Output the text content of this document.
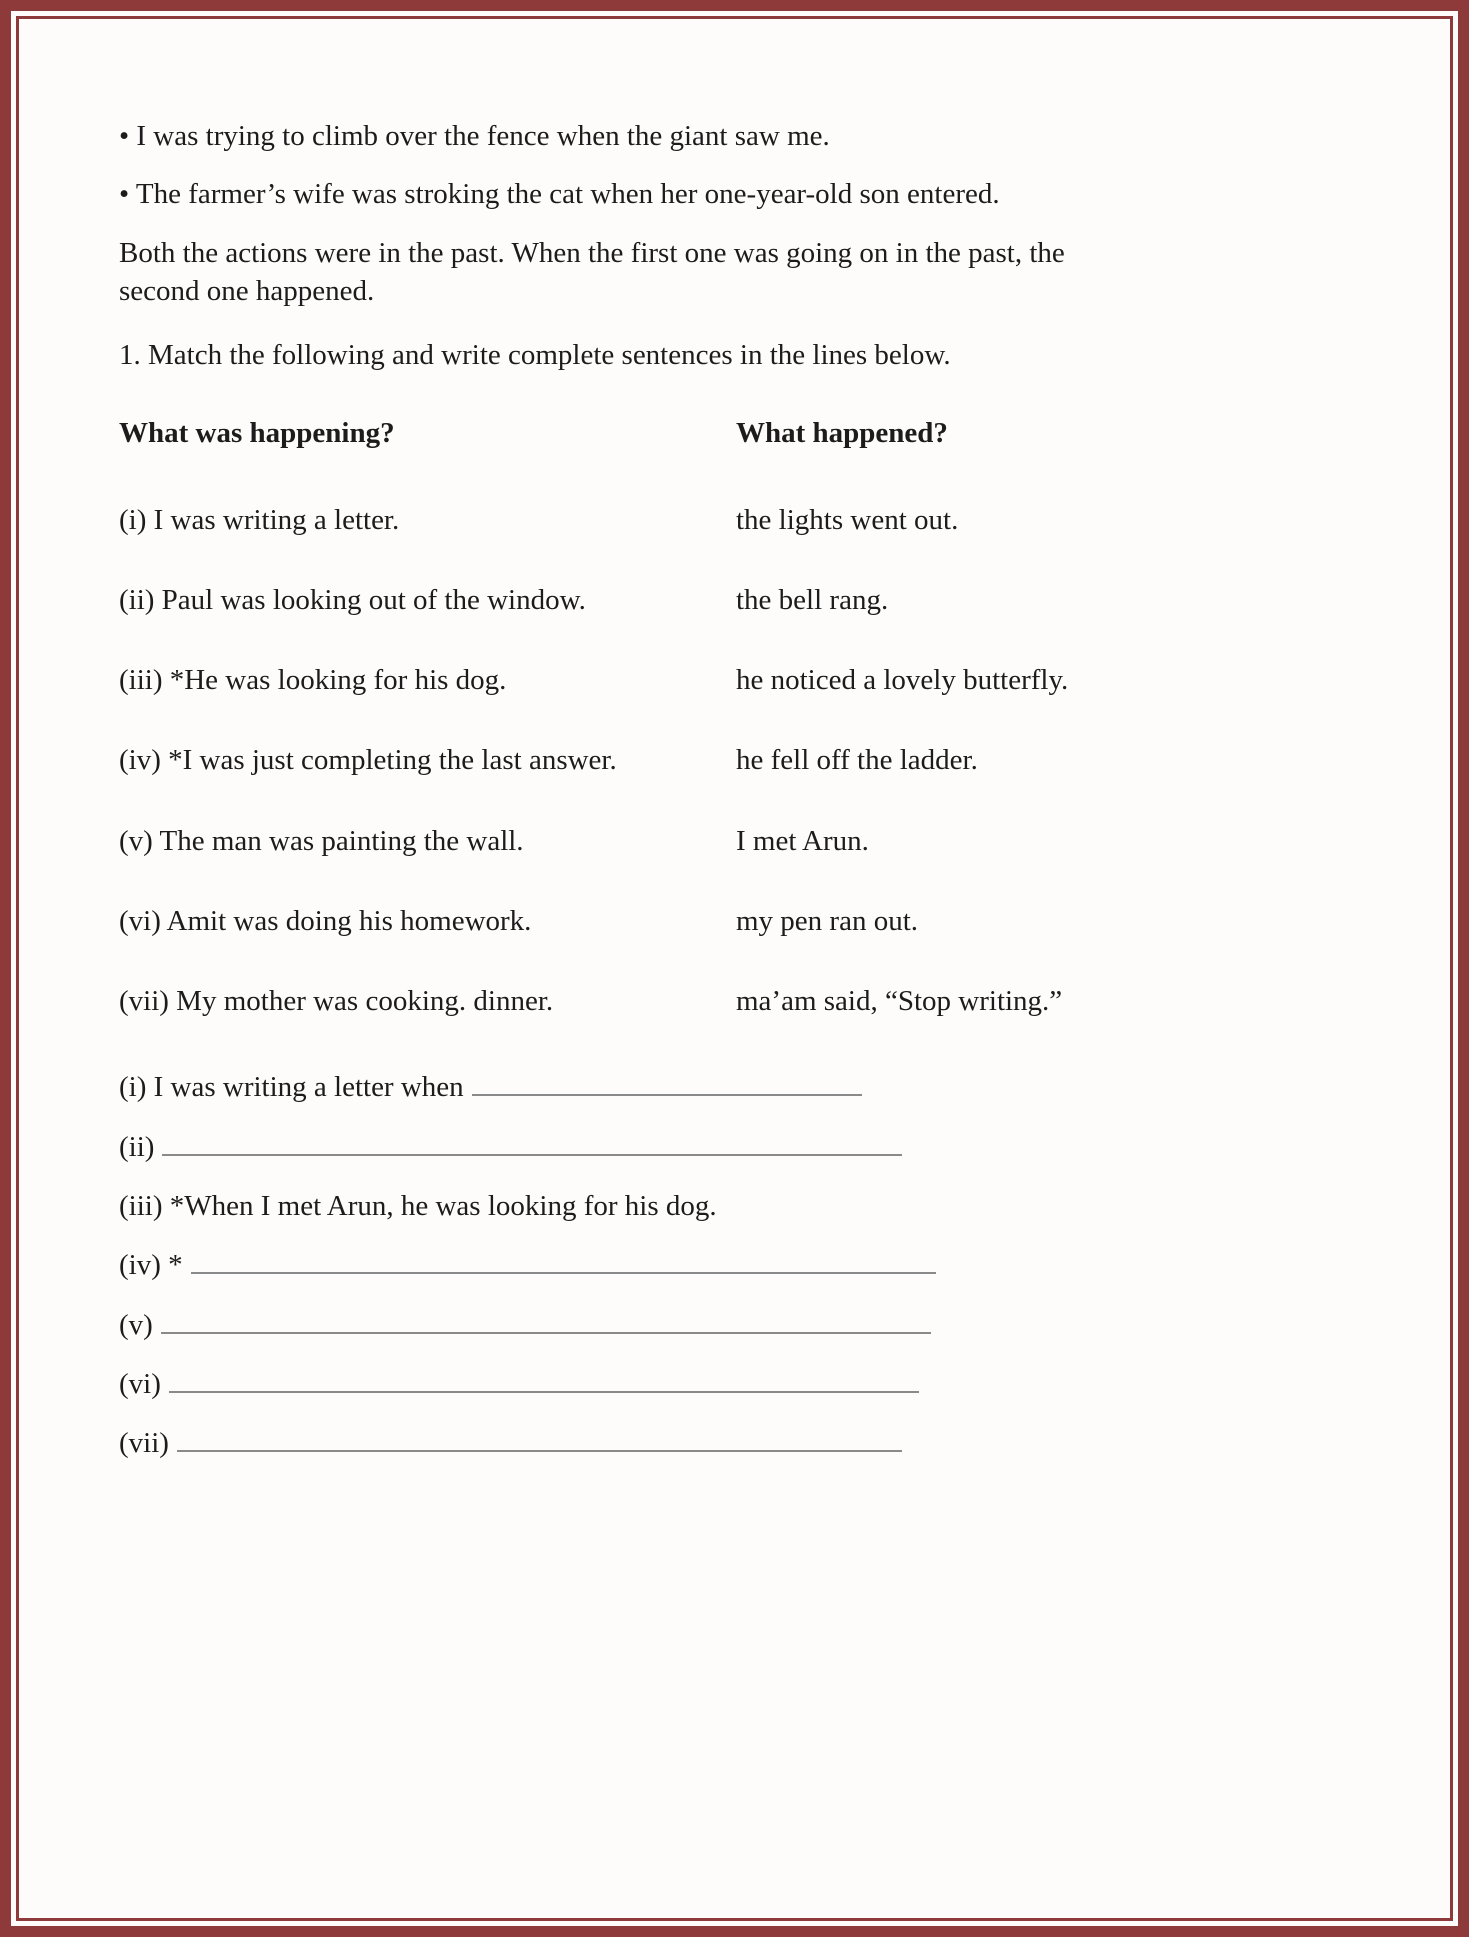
• I was trying to climb over the fence when the giant saw me.

• The farmer’s wife was stroking the cat when her one-year-old son entered.

Both the actions were in the past. When the first one was going on in the past, the second one happened.

1. Match the following and write complete sentences in the lines below.

What was happening?	What happened?
(i) I was writing a letter.	the lights went out.
(ii) Paul was looking out of the window.	the bell rang.
(iii) *He was looking for his dog.	he noticed a lovely butterfly.
(iv) *I was just completing the last answer.	he fell off the ladder.
(v) The man was painting the wall.	I met Arun.
(vi) Amit was doing his homework.	my pen ran out.
(vii) My mother was cooking. dinner.	ma’am said, “Stop writing.”
(i) I was writing a letter when
(ii)
(iii) *When I met Arun, he was looking for his dog.
(iv) *
(v)
(vi)
(vii)
